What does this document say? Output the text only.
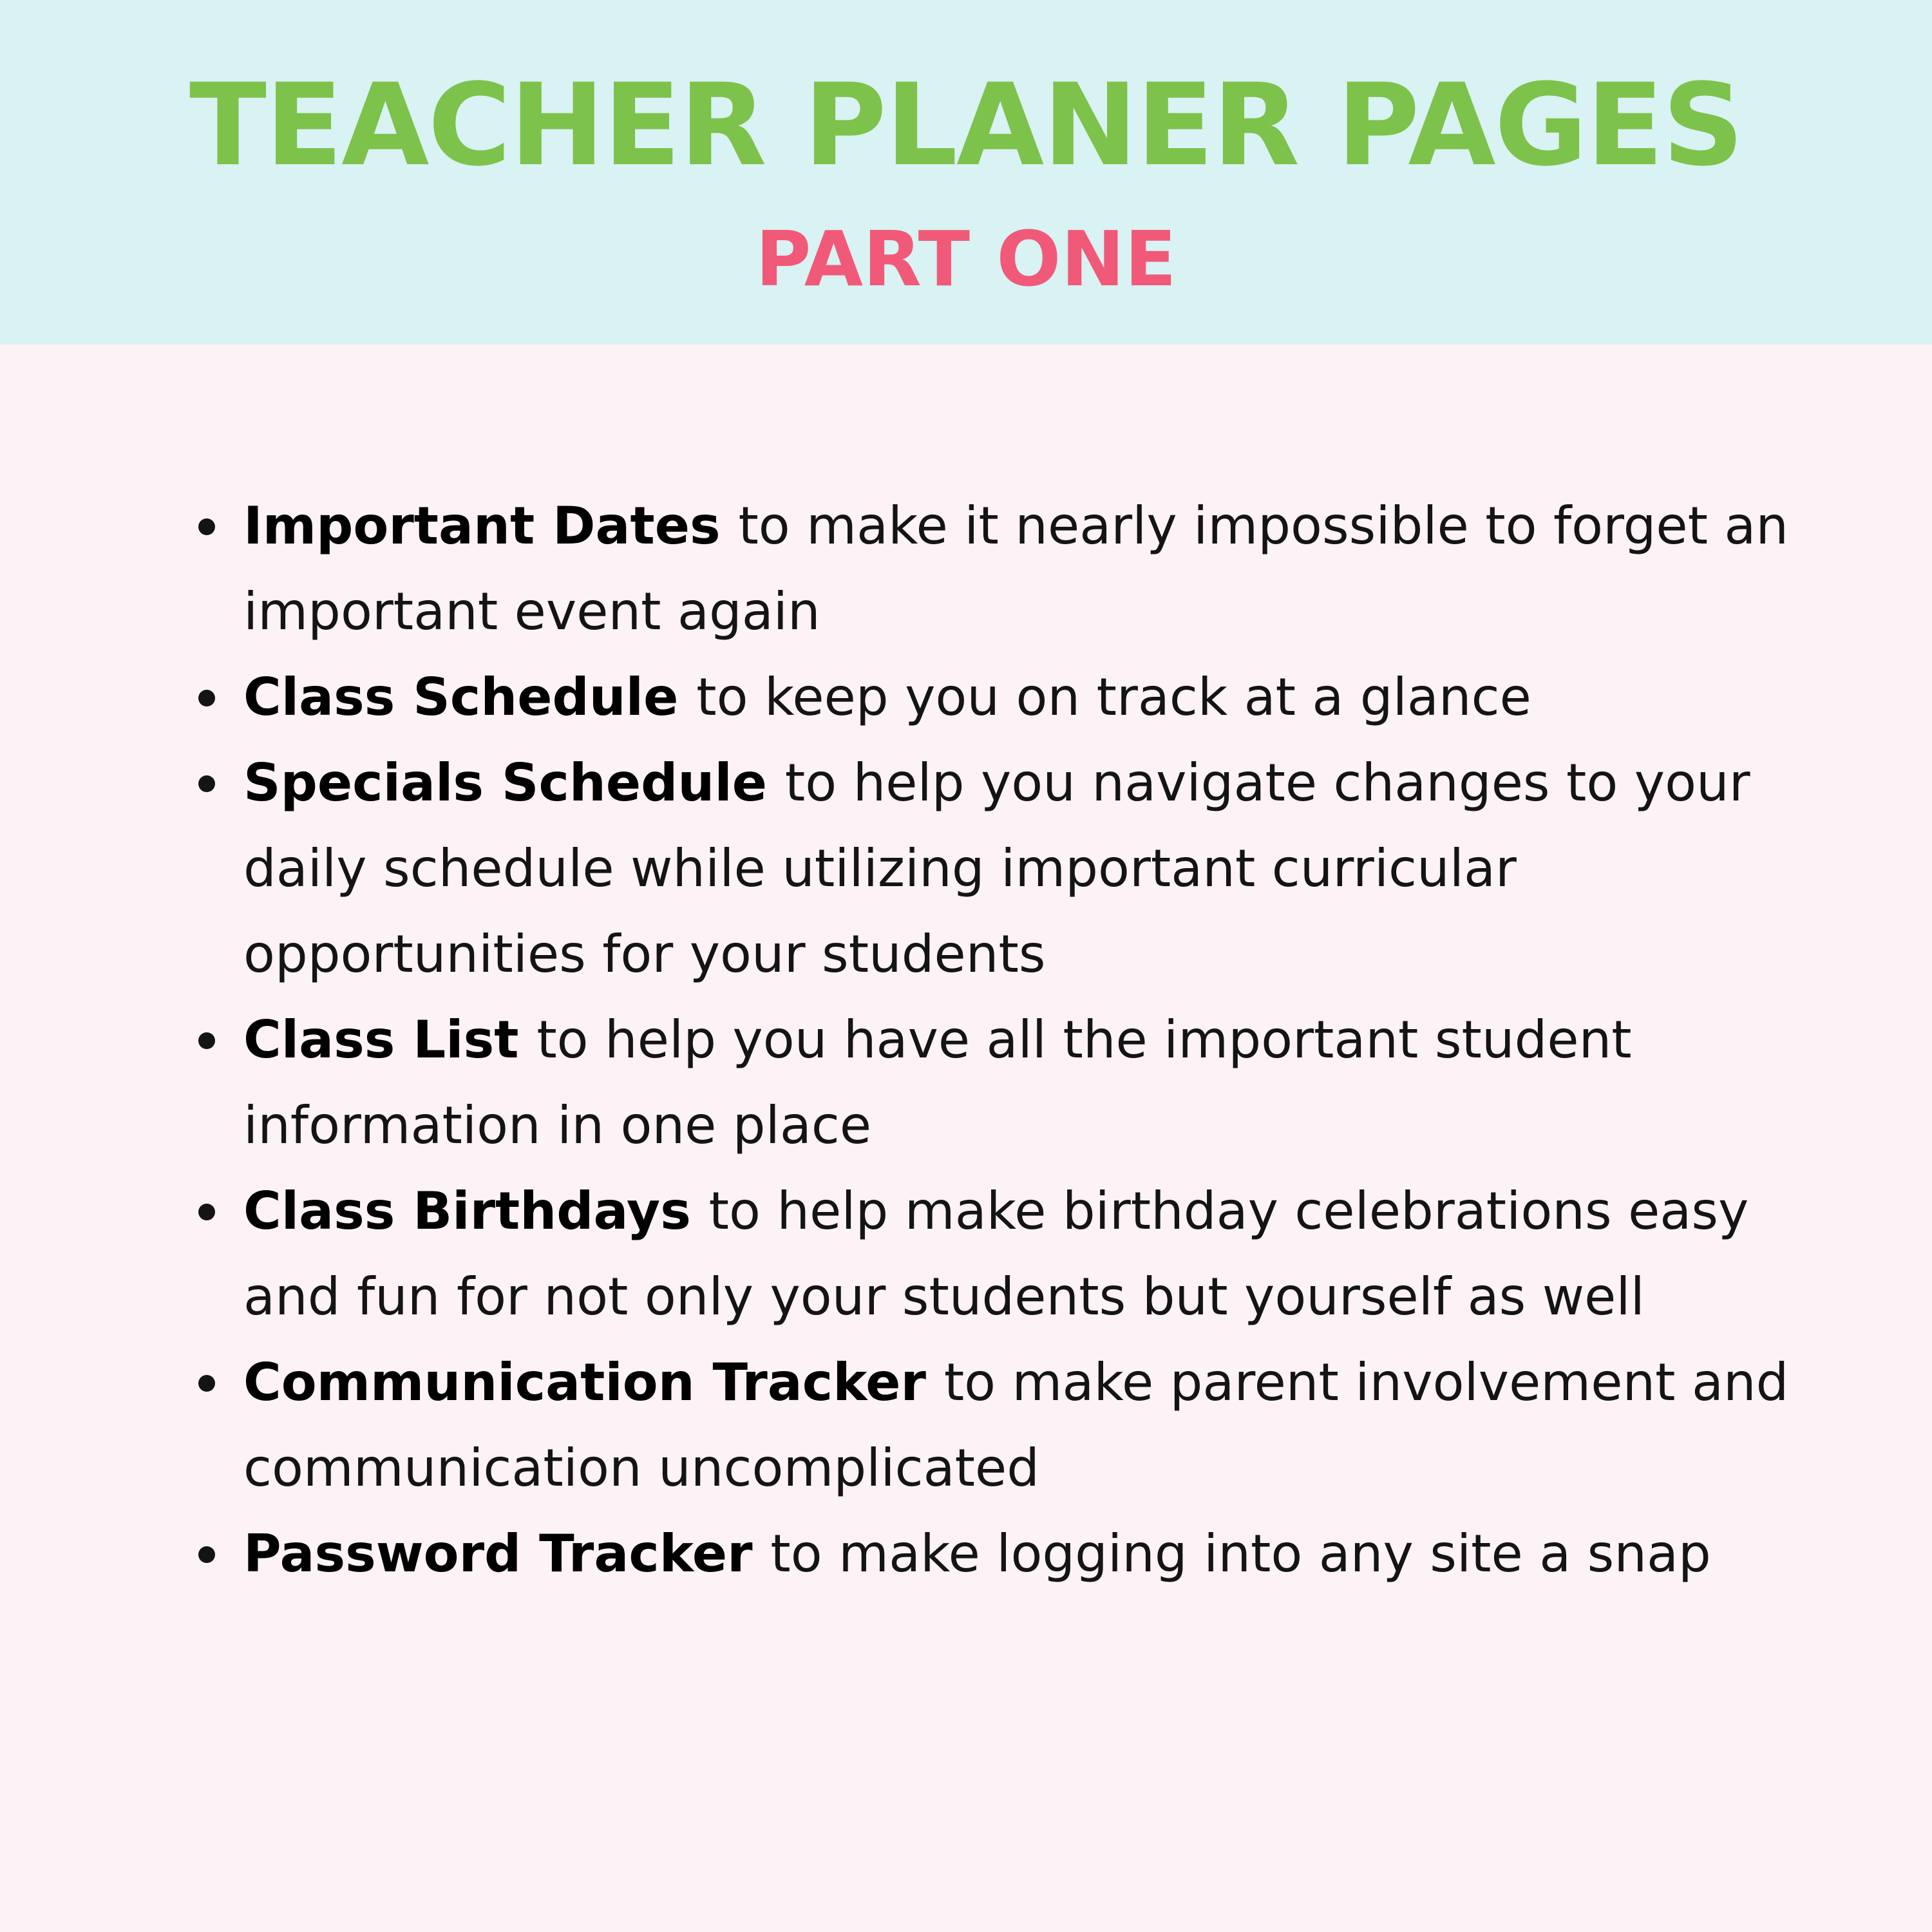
TEACHER PLANER PAGES
PART ONE
Important Dates to make it nearly impossible to forget an important event again
Class Schedule to keep you on track at a glance
Specials Schedule to help you navigate changes to your daily schedule while utilizing important curricular opportunities for your students
Class List to help you have all the important student information in one place
Class Birthdays to help make birthday celebrations easy and fun for not only your students but yourself as well
Communication Tracker to make parent involvement and communication uncomplicated
Password Tracker to make logging into any site a snap
